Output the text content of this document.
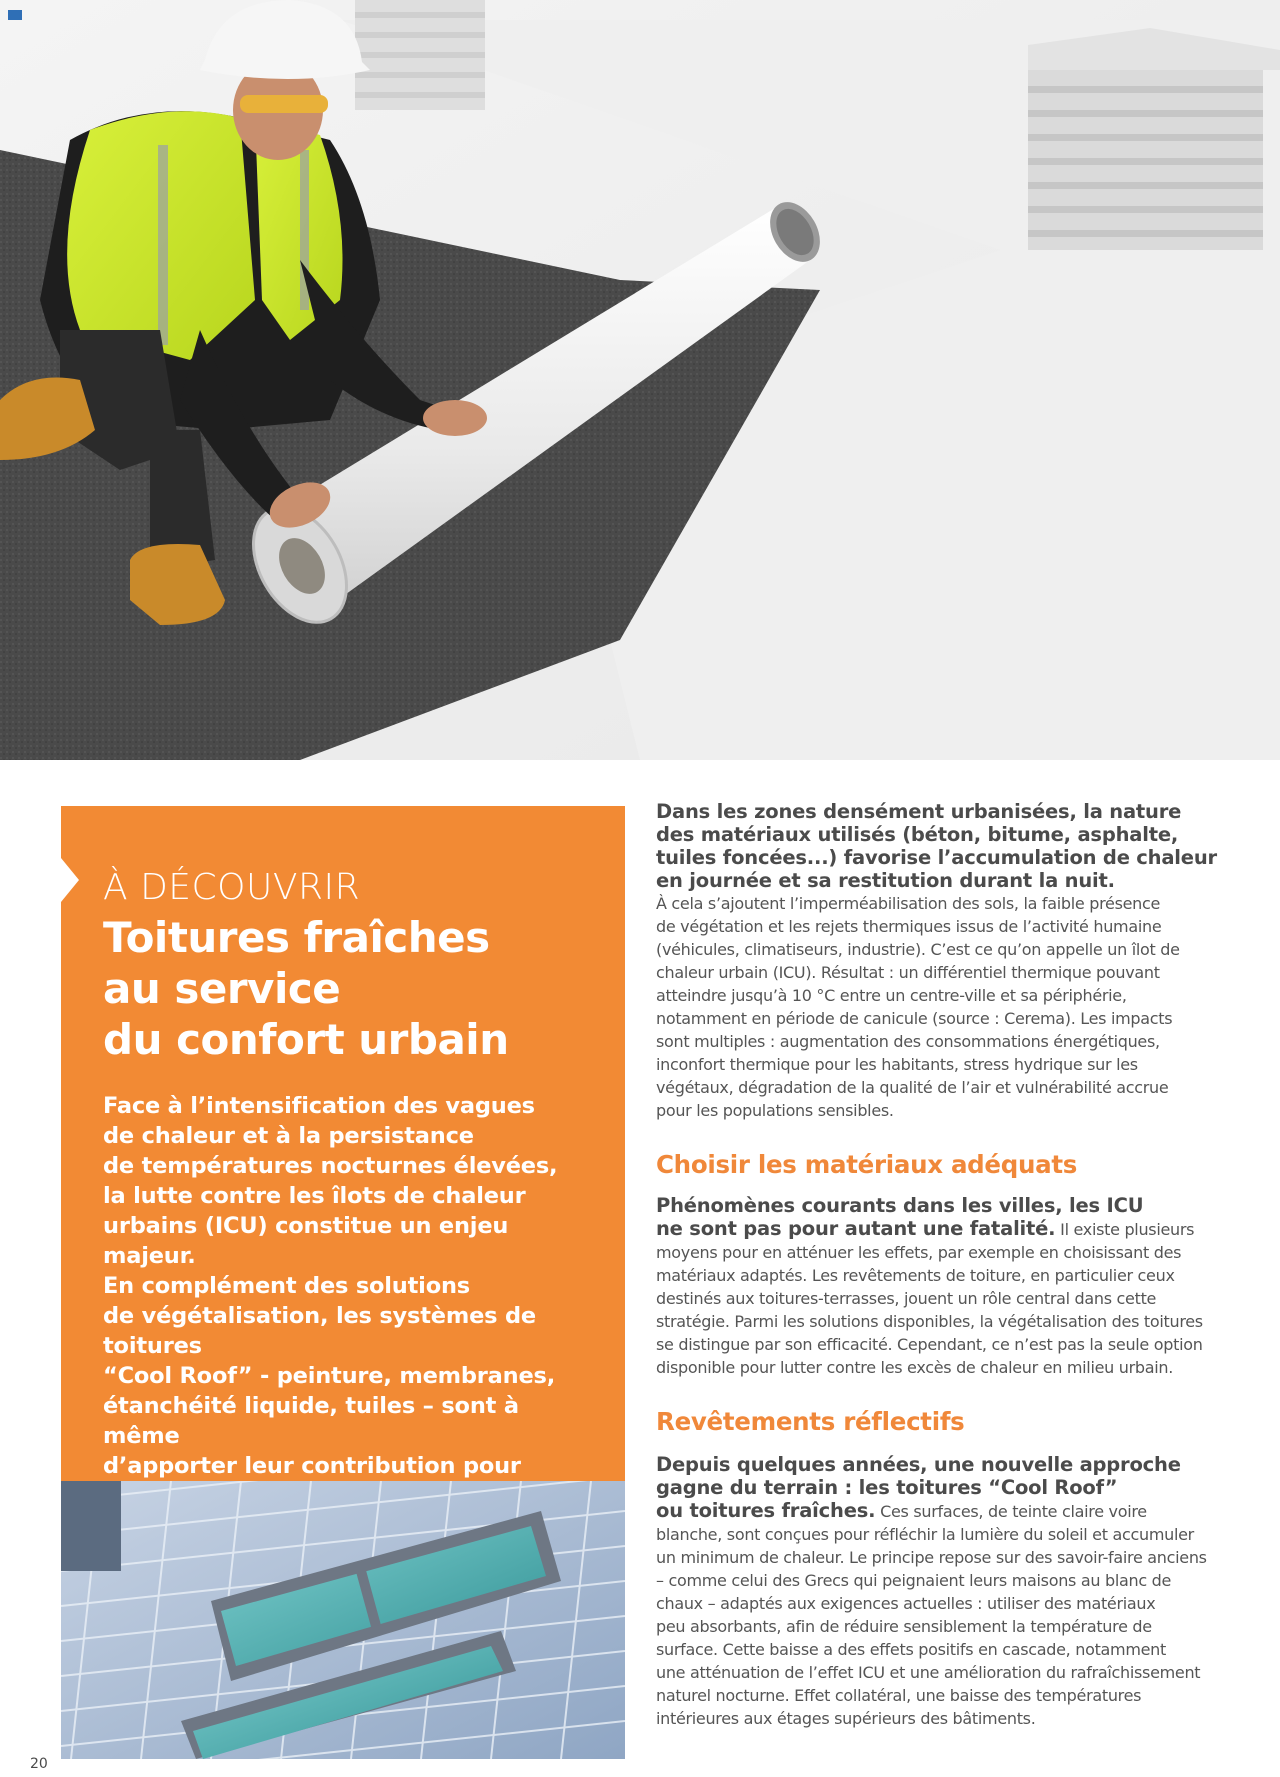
À DÉCOUVRIR
Toitures fraîches
au service
du confort urbain
Face à l’intensification des vagues
de chaleur et à la persistance
de températures nocturnes élevées,
la lutte contre les îlots de chaleur
urbains (ICU) constitue un enjeu majeur.
En complément des solutions
de végétalisation, les systèmes de toitures
“Cool Roof” - peinture, membranes,
étanchéité liquide, tuiles – sont à même
d’apporter leur contribution pour
Dans les zones densément urbanisées, la nature
des matériaux utilisés (béton, bitume, asphalte,
tuiles foncées...) favorise l’accumulation de chaleur
en journée et sa restitution durant la nuit.
À cela s’ajoutent l’imperméabilisation des sols, la faible présence
de végétation et les rejets thermiques issus de l’activité humaine
(véhicules, climatiseurs, industrie). C’est ce qu’on appelle un îlot de
chaleur urbain (ICU). Résultat : un différentiel thermique pouvant
atteindre jusqu’à 10 °C entre un centre-ville et sa périphérie,
notamment en période de canicule (source : Cerema). Les impacts
sont multiples : augmentation des consommations énergétiques,
inconfort thermique pour les habitants, stress hydrique sur les
végétaux, dégradation de la qualité de l’air et vulnérabilité accrue
pour les populations sensibles.
Choisir les matériaux adéquats
Phénomènes courants dans les villes, les ICU
ne sont pas pour autant une fatalité. Il existe plusieurs
moyens pour en atténuer les effets, par exemple en choisissant des
matériaux adaptés. Les revêtements de toiture, en particulier ceux
destinés aux toitures-terrasses, jouent un rôle central dans cette
stratégie. Parmi les solutions disponibles, la végétalisation des toitures
se distingue par son efficacité. Cependant, ce n’est pas la seule option
disponible pour lutter contre les excès de chaleur en milieu urbain.
Revêtements réflectifs
Depuis quelques années, une nouvelle approche
gagne du terrain : les toitures “Cool Roof”
ou toitures fraîches. Ces surfaces, de teinte claire voire
blanche, sont conçues pour réfléchir la lumière du soleil et accumuler
un minimum de chaleur. Le principe repose sur des savoir-faire anciens
– comme celui des Grecs qui peignaient leurs maisons au blanc de
chaux – adaptés aux exigences actuelles : utiliser des matériaux
peu absorbants, afin de réduire sensiblement la température de
surface. Cette baisse a des effets positifs en cascade, notamment
une atténuation de l’effet ICU et une amélioration du rafraîchissement
naturel nocturne. Effet collatéral, une baisse des températures
intérieures aux étages supérieurs des bâtiments.
20
